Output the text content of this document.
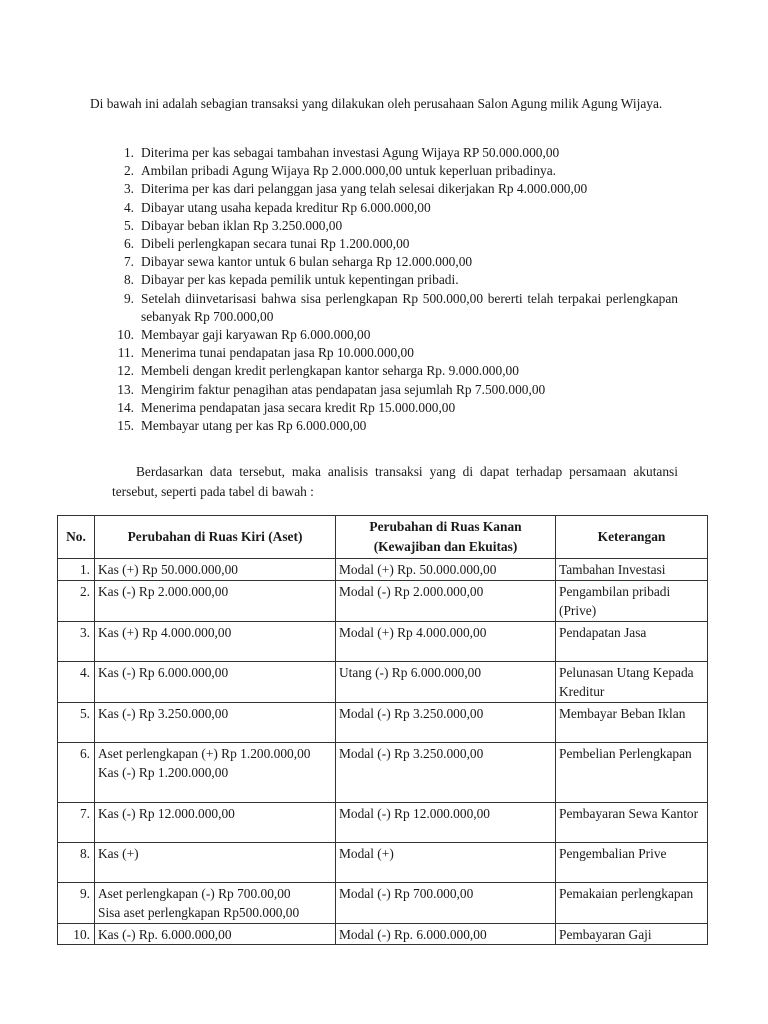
Di bawah ini adalah sebagian transaksi yang dilakukan oleh perusahaan Salon Agung milik Agung Wijaya.

1. Diterima per kas sebagai tambahan investasi Agung Wijaya RP 50.000.000,00
2. Ambilan pribadi Agung Wijaya Rp 2.000.000,00 untuk keperluan pribadinya.
3. Diterima per kas dari pelanggan jasa yang telah selesai dikerjakan Rp 4.000.000,00
4. Dibayar utang usaha kepada kreditur Rp 6.000.000,00
5. Dibayar beban iklan Rp 3.250.000,00
6. Dibeli perlengkapan secara tunai Rp 1.200.000,00
7. Dibayar sewa kantor untuk 6 bulan seharga Rp 12.000.000,00
8. Dibayar per kas kepada pemilik untuk kepentingan pribadi.
9. Setelah diinvetarisasi bahwa sisa perlengkapan Rp 500.000,00 bererti telah terpakai perlengkapan sebanyak Rp 700.000,00
10. Membayar gaji karyawan Rp 6.000.000,00
11. Menerima tunai pendapatan jasa Rp 10.000.000,00
12. Membeli dengan kredit perlengkapan kantor seharga Rp. 9.000.000,00
13. Mengirim faktur penagihan atas pendapatan jasa sejumlah Rp 7.500.000,00
14. Menerima pendapatan jasa secara kredit Rp 15.000.000,00
15. Membayar utang per kas Rp 6.000.000,00

Berdasarkan data tersebut, maka analisis transaksi yang di dapat terhadap persamaan akutansi tersebut, seperti pada tabel di bawah :

No.	Perubahan di Ruas Kiri (Aset)	Perubahan di Ruas Kanan (Kewajiban dan Ekuitas)	Keterangan
1.	Kas (+) Rp 50.000.000,00	Modal (+) Rp. 50.000.000,00	Tambahan Investasi
2.	Kas (-) Rp 2.000.000,00	Modal (-) Rp 2.000.000,00	Pengambilan pribadi (Prive)
3.	Kas (+) Rp 4.000.000,00	Modal (+) Rp 4.000.000,00	Pendapatan Jasa
4.	Kas (-) Rp 6.000.000,00	Utang (-) Rp 6.000.000,00	Pelunasan Utang Kepada Kreditur
5.	Kas (-) Rp 3.250.000,00	Modal (-) Rp 3.250.000,00	Membayar Beban Iklan
6.	Aset perlengkapan (+) Rp 1.200.000,00
Kas (-) Rp 1.200.000,00	Modal (-) Rp 3.250.000,00	Pembelian Perlengkapan
7.	Kas (-) Rp 12.000.000,00	Modal (-) Rp 12.000.000,00	Pembayaran Sewa Kantor
8.	Kas (+)	Modal (+)	Pengembalian Prive
9.	Aset perlengkapan (-) Rp 700.00,00
Sisa aset perlengkapan Rp500.000,00	Modal (-) Rp 700.000,00	Pemakaian perlengkapan
10.	Kas (-) Rp. 6.000.000,00	Modal (-) Rp. 6.000.000,00	Pembayaran Gaji
